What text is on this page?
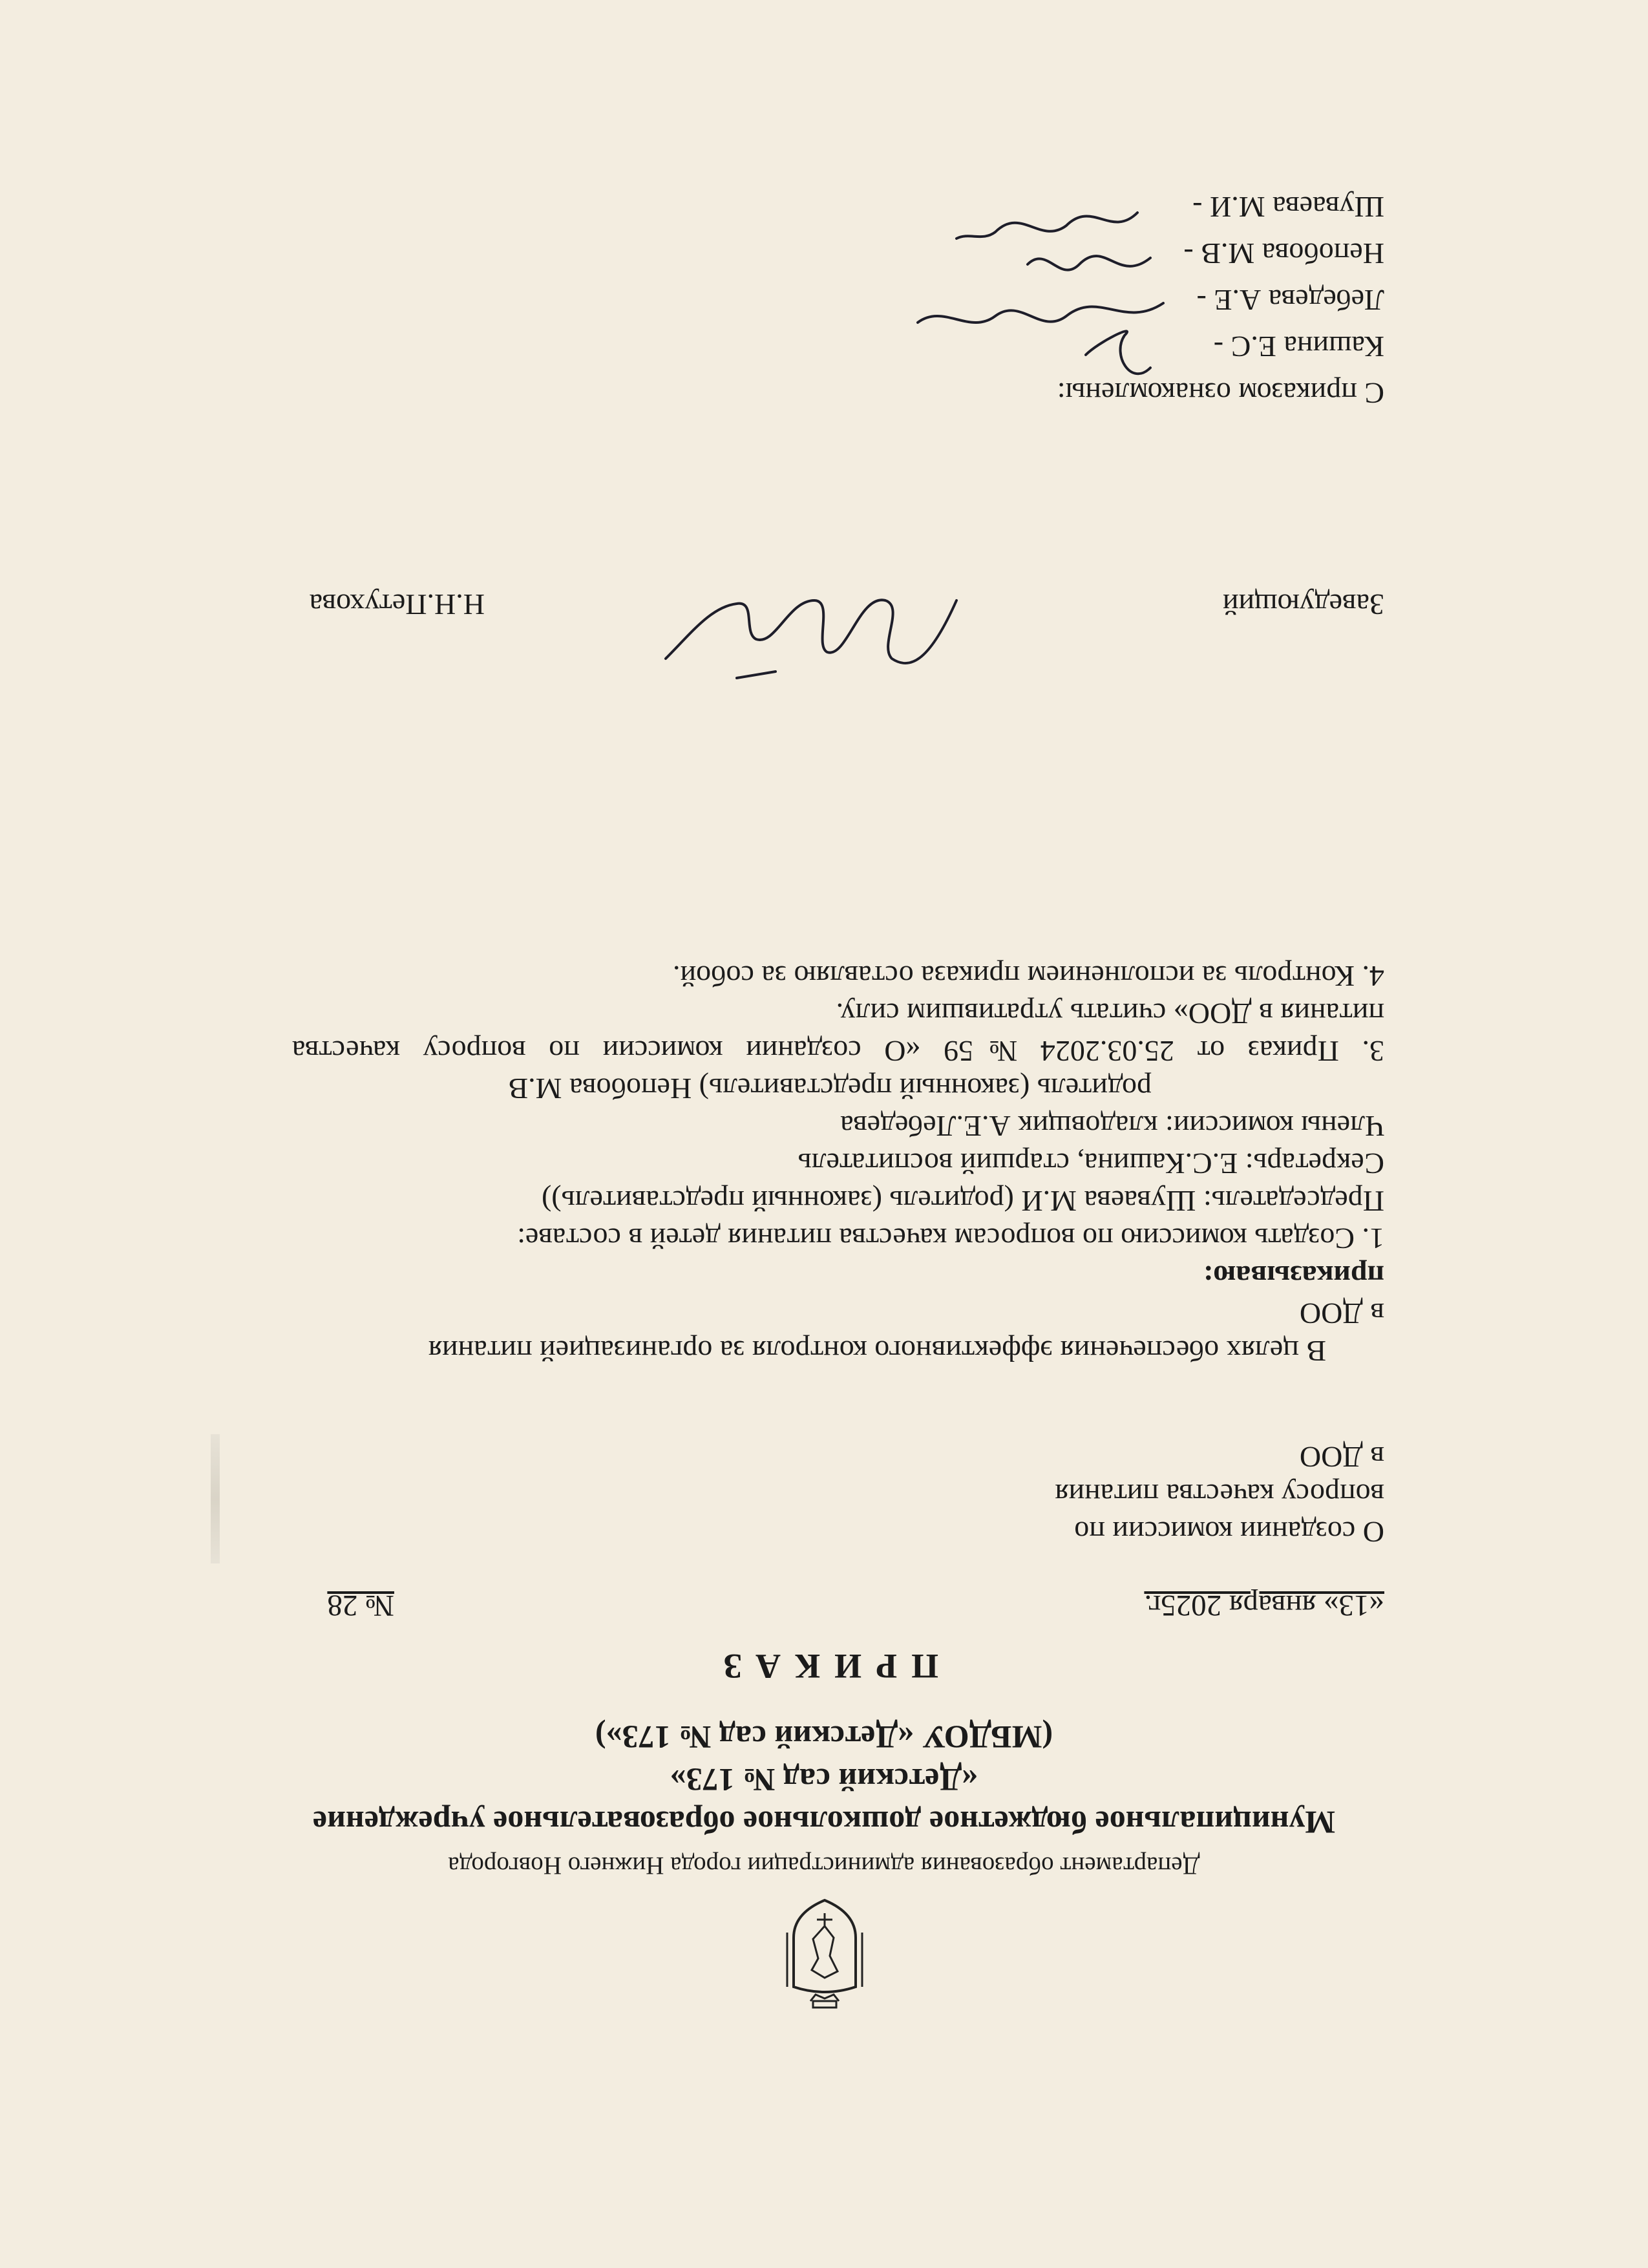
Департамент образования администрации города Нижнего Новгорода
Муниципальное бюджетное дошкольное образовательное учреждение
«Детский сад № 173»
(МБДОУ «Детский сад № 173»)
ПРИКАЗ
«13» января 2025г.
№ 28
О создании комиссии по
вопросу качества питания
в ДОО
В целях обеспечения эффективного контроля за организацией питания
в ДОО
приказываю:
1. Создать комиссию по вопросам качества питания детей в составе:
Председатель: Шуваева М.И (родитель (законный представитель))
Секретарь: Е.С.Кашина, старший воспитатель
Члены комиссии: кладовщик А.Е.Лебедева
родитель (законный представитель) Непобова М.В
3. Приказ от 25.03.2024 №59 «О создании комиссии по вопросу качества
питания в ДОО» считать утратившим силу.
4. Контроль за исполнением приказа оставляю за собой.
Заведующий
Н.Н.Петухова
С приказом ознакомлены:
Кашина Е.С -
Лебедева А.Е -
Непобова М.В -
Шуваева М.И -
